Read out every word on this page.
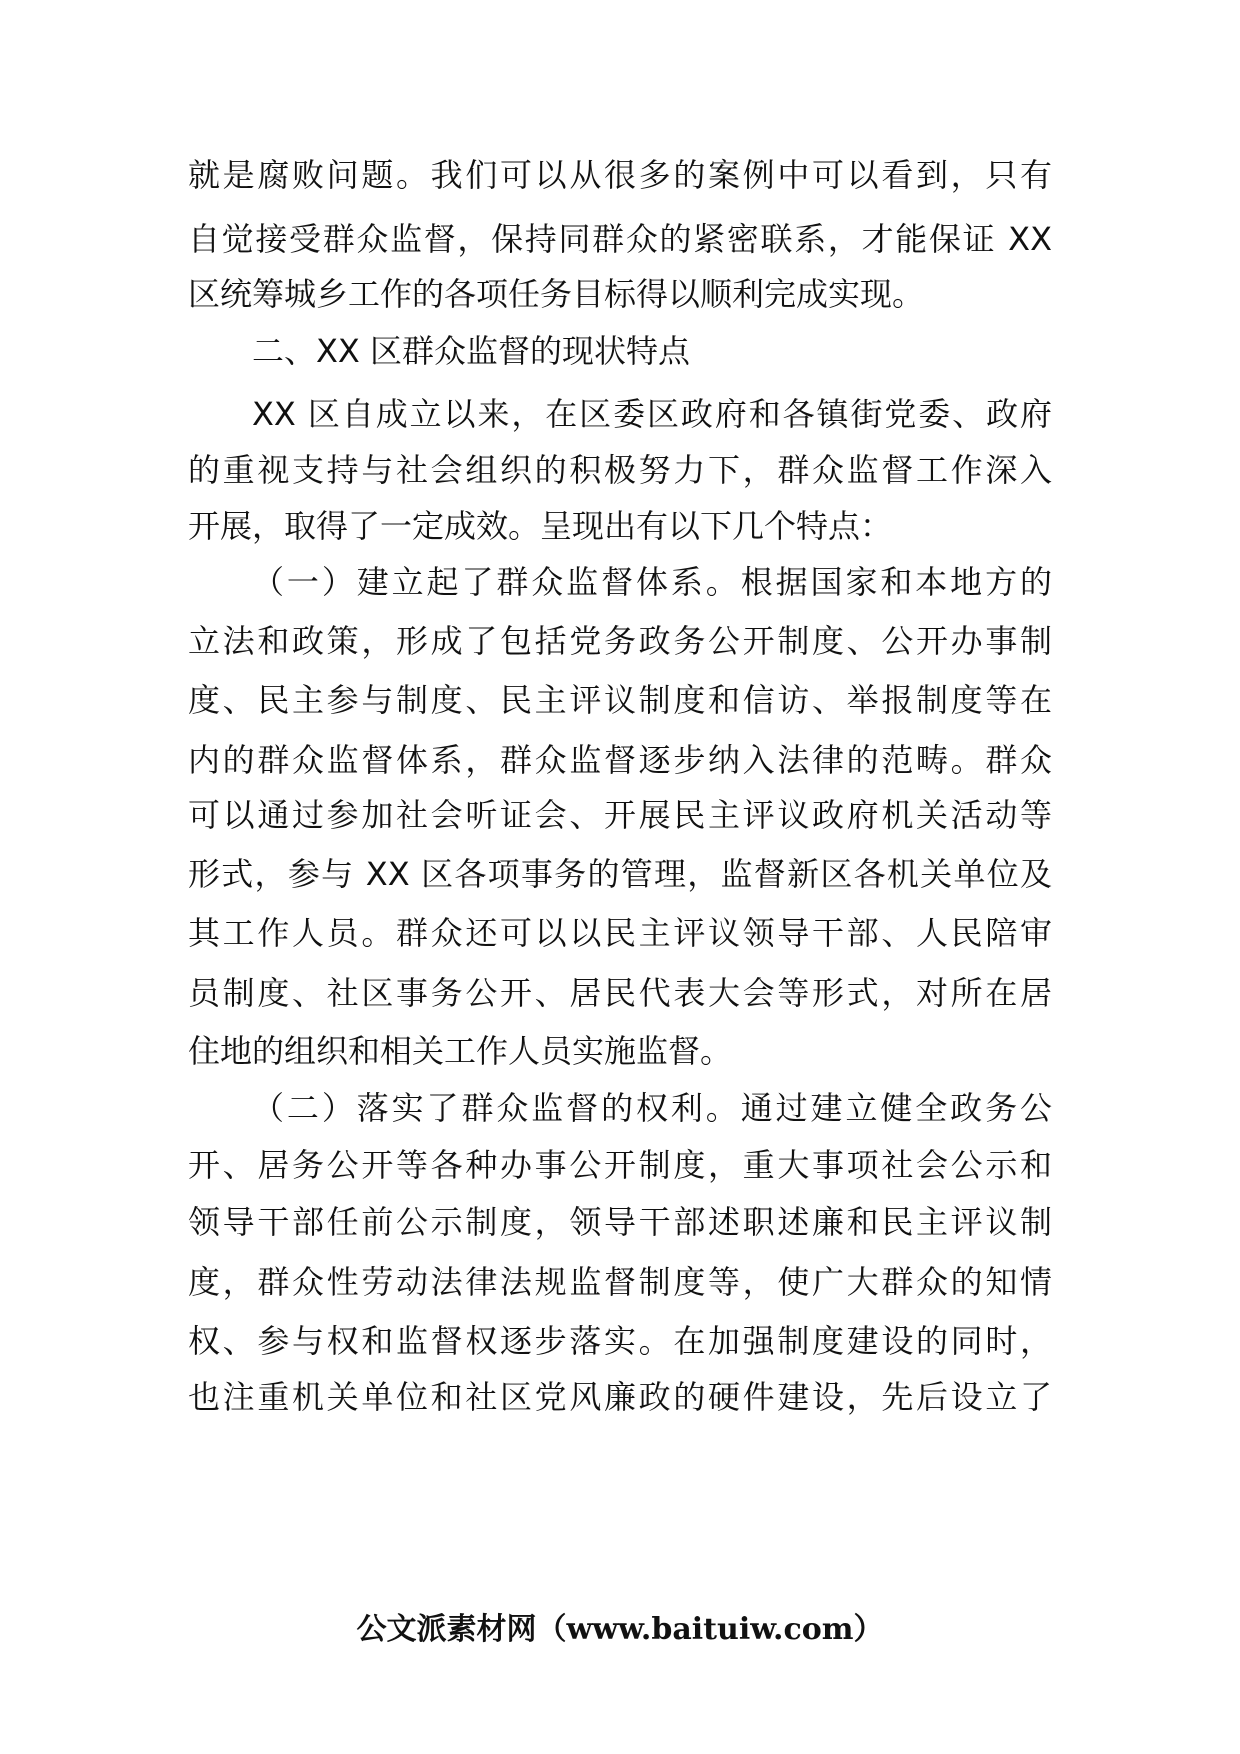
就是腐败问题。我们可以从很多的案例中可以看到，只有
自觉接受群众监督，保持同群众的紧密联系，才能保证 XX
区统筹城乡工作的各项任务目标得以顺利完成实现。
二、XX 区群众监督的现状特点
XX 区自成立以来，在区委区政府和各镇街党委、政府
的重视支持与社会组织的积极努力下，群众监督工作深入
开展，取得了一定成效。呈现出有以下几个特点：
（一）建立起了群众监督体系。根据国家和本地方的
立法和政策，形成了包括党务政务公开制度、公开办事制
度、民主参与制度、民主评议制度和信访、举报制度等在
内的群众监督体系，群众监督逐步纳入法律的范畴。群众
可以通过参加社会听证会、开展民主评议政府机关活动等
形式，参与 XX 区各项事务的管理，监督新区各机关单位及
其工作人员。群众还可以以民主评议领导干部、人民陪审
员制度、社区事务公开、居民代表大会等形式，对所在居
住地的组织和相关工作人员实施监督。
（二）落实了群众监督的权利。通过建立健全政务公
开、居务公开等各种办事公开制度，重大事项社会公示和
领导干部任前公示制度，领导干部述职述廉和民主评议制
度，群众性劳动法律法规监督制度等，使广大群众的知情
权、参与权和监督权逐步落实。在加强制度建设的同时，
也注重机关单位和社区党风廉政的硬件建设，先后设立了
公文派素材网（www.baituiw.com）
